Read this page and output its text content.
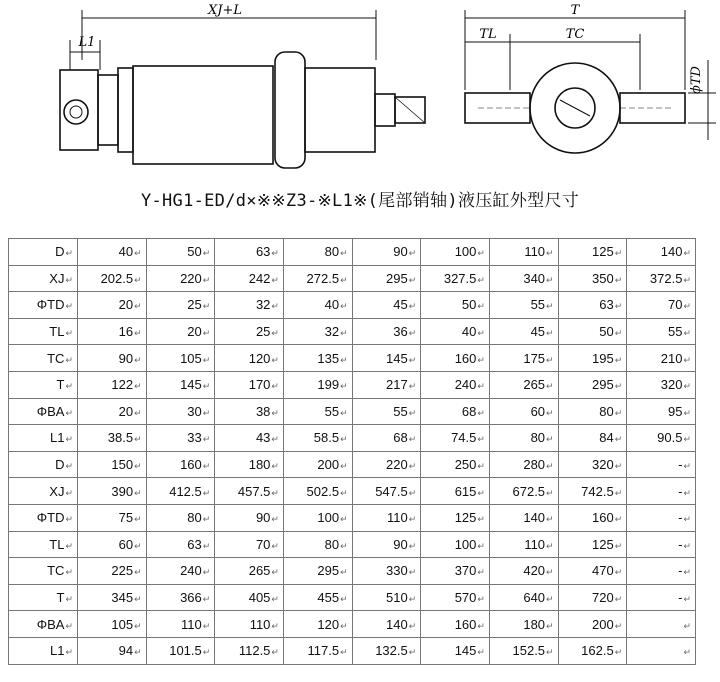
XJ+L
L1
T
TL	TC
ϕTD
Y-HG1-ED/d×※※Z3-※L1※(尾部销轴)液压缸外型尺寸
D↵	40↵	50↵	63↵	80↵	90↵	100↵	110↵	125↵	140↵
XJ↵	202.5↵	220↵	242↵	272.5↵	295↵	327.5↵	340↵	350↵	372.5↵
ΦTD↵	20↵	25↵	32↵	40↵	45↵	50↵	55↵	63↵	70↵
TL↵	16↵	20↵	25↵	32↵	36↵	40↵	45↵	50↵	55↵
TC↵	90↵	105↵	120↵	135↵	145↵	160↵	175↵	195↵	210↵
T↵	122↵	145↵	170↵	199↵	217↵	240↵	265↵	295↵	320↵
ΦBA↵	20↵	30↵	38↵	55↵	55↵	68↵	60↵	80↵	95↵
L1↵	38.5↵	33↵	43↵	58.5↵	68↵	74.5↵	80↵	84↵	90.5↵
D↵	150↵	160↵	180↵	200↵	220↵	250↵	280↵	320↵	-↵
XJ↵	390↵	412.5↵	457.5↵	502.5↵	547.5↵	615↵	672.5↵	742.5↵	-↵
ΦTD↵	75↵	80↵	90↵	100↵	110↵	125↵	140↵	160↵	-↵
TL↵	60↵	63↵	70↵	80↵	90↵	100↵	110↵	125↵	-↵
TC↵	225↵	240↵	265↵	295↵	330↵	370↵	420↵	470↵	-↵
T↵	345↵	366↵	405↵	455↵	510↵	570↵	640↵	720↵	-↵
ΦBA↵	105↵	110↵	110↵	120↵	140↵	160↵	180↵	200↵	↵
L1↵	94↵	101.5↵	112.5↵	117.5↵	132.5↵	145↵	152.5↵	162.5↵	↵
